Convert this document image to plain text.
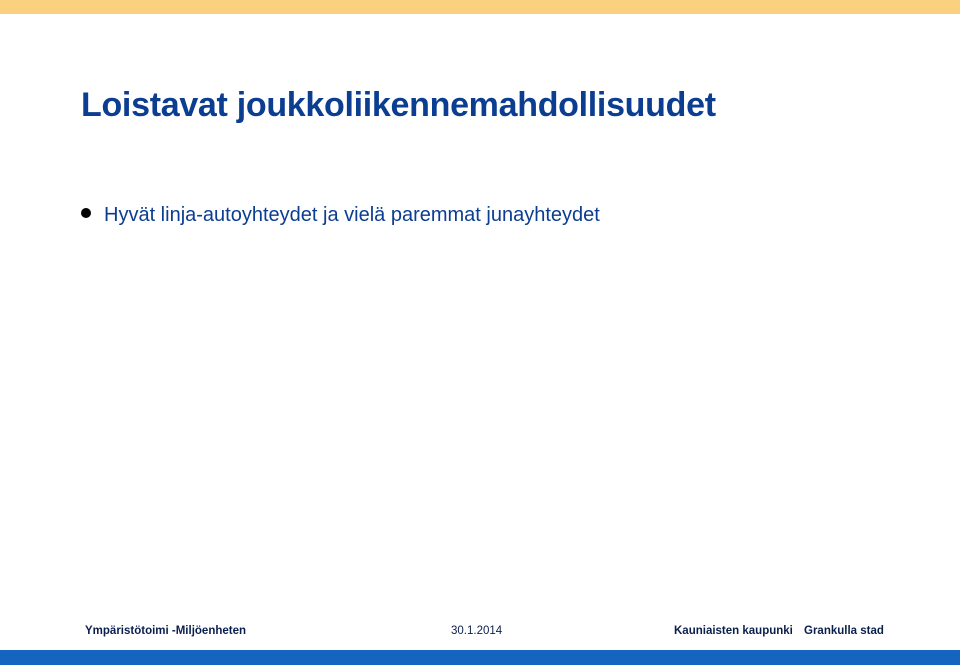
Loistavat joukkoliikennemahdollisuudet
Hyvät linja-autoyhteydet ja vielä paremmat junayhteydet
Ympäristötoimi -Miljöenheten	30.1.2014	Kauniaisten kaupunki Grankulla stad
